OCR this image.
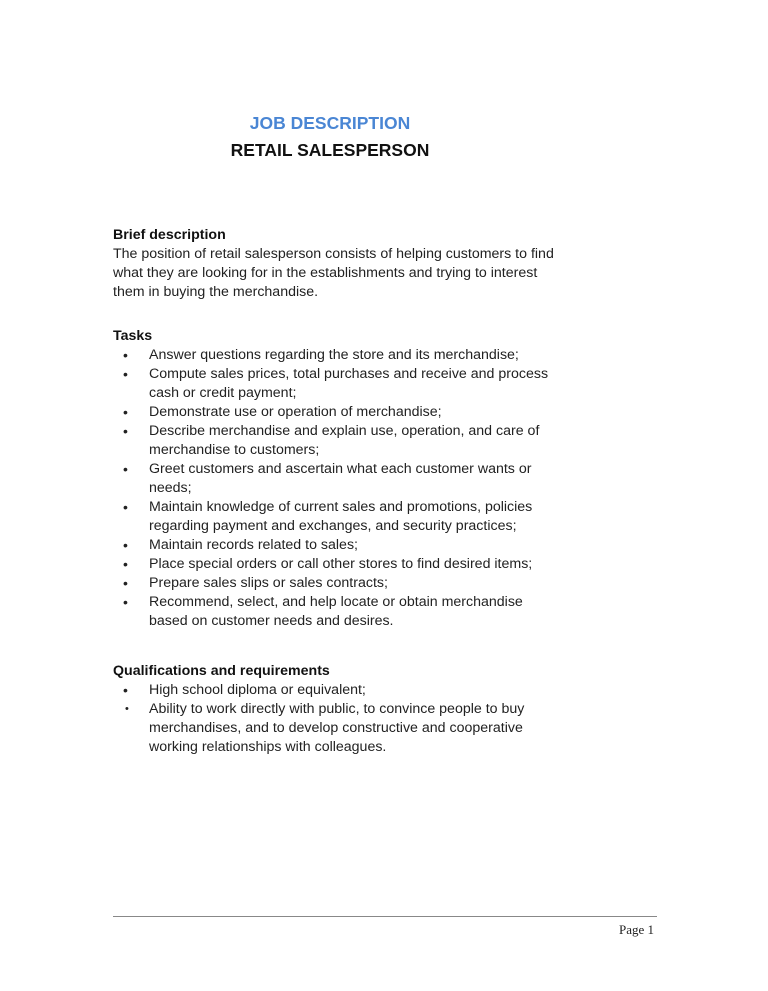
JOB DESCRIPTION
RETAIL SALESPERSON
Brief description
The position of retail salesperson consists of helping customers to find what they are looking for in the establishments and trying to interest them in buying the merchandise.
Tasks
• Answer questions regarding the store and its merchandise;
• Compute sales prices, total purchases and receive and process cash or credit payment;
• Demonstrate use or operation of merchandise;
• Describe merchandise and explain use, operation, and care of merchandise to customers;
• Greet customers and ascertain what each customer wants or needs;
• Maintain knowledge of current sales and promotions, policies regarding payment and exchanges, and security practices;
• Maintain records related to sales;
• Place special orders or call other stores to find desired items;
• Prepare sales slips or sales contracts;
• Recommend, select, and help locate or obtain merchandise based on customer needs and desires.
Qualifications and requirements
• High school diploma or equivalent;
• Ability to work directly with public, to convince people to buy merchandises, and to develop constructive and cooperative working relationships with colleagues.
Page 1
